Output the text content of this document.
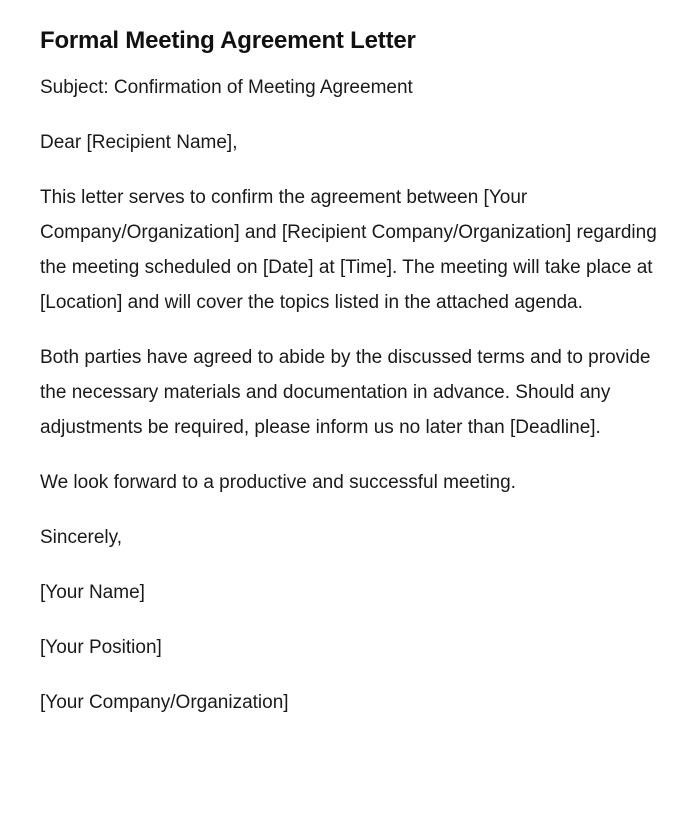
Formal Meeting Agreement Letter

Subject: Confirmation of Meeting Agreement

Dear [Recipient Name],

This letter serves to confirm the agreement between [Your Company/Organization] and [Recipient Company/Organization] regarding the meeting scheduled on [Date] at [Time]. The meeting will take place at [Location] and will cover the topics listed in the attached agenda.

Both parties have agreed to abide by the discussed terms and to provide the necessary materials and documentation in advance. Should any adjustments be required, please inform us no later than [Deadline].

We look forward to a productive and successful meeting.

Sincerely,

[Your Name]

[Your Position]

[Your Company/Organization]
